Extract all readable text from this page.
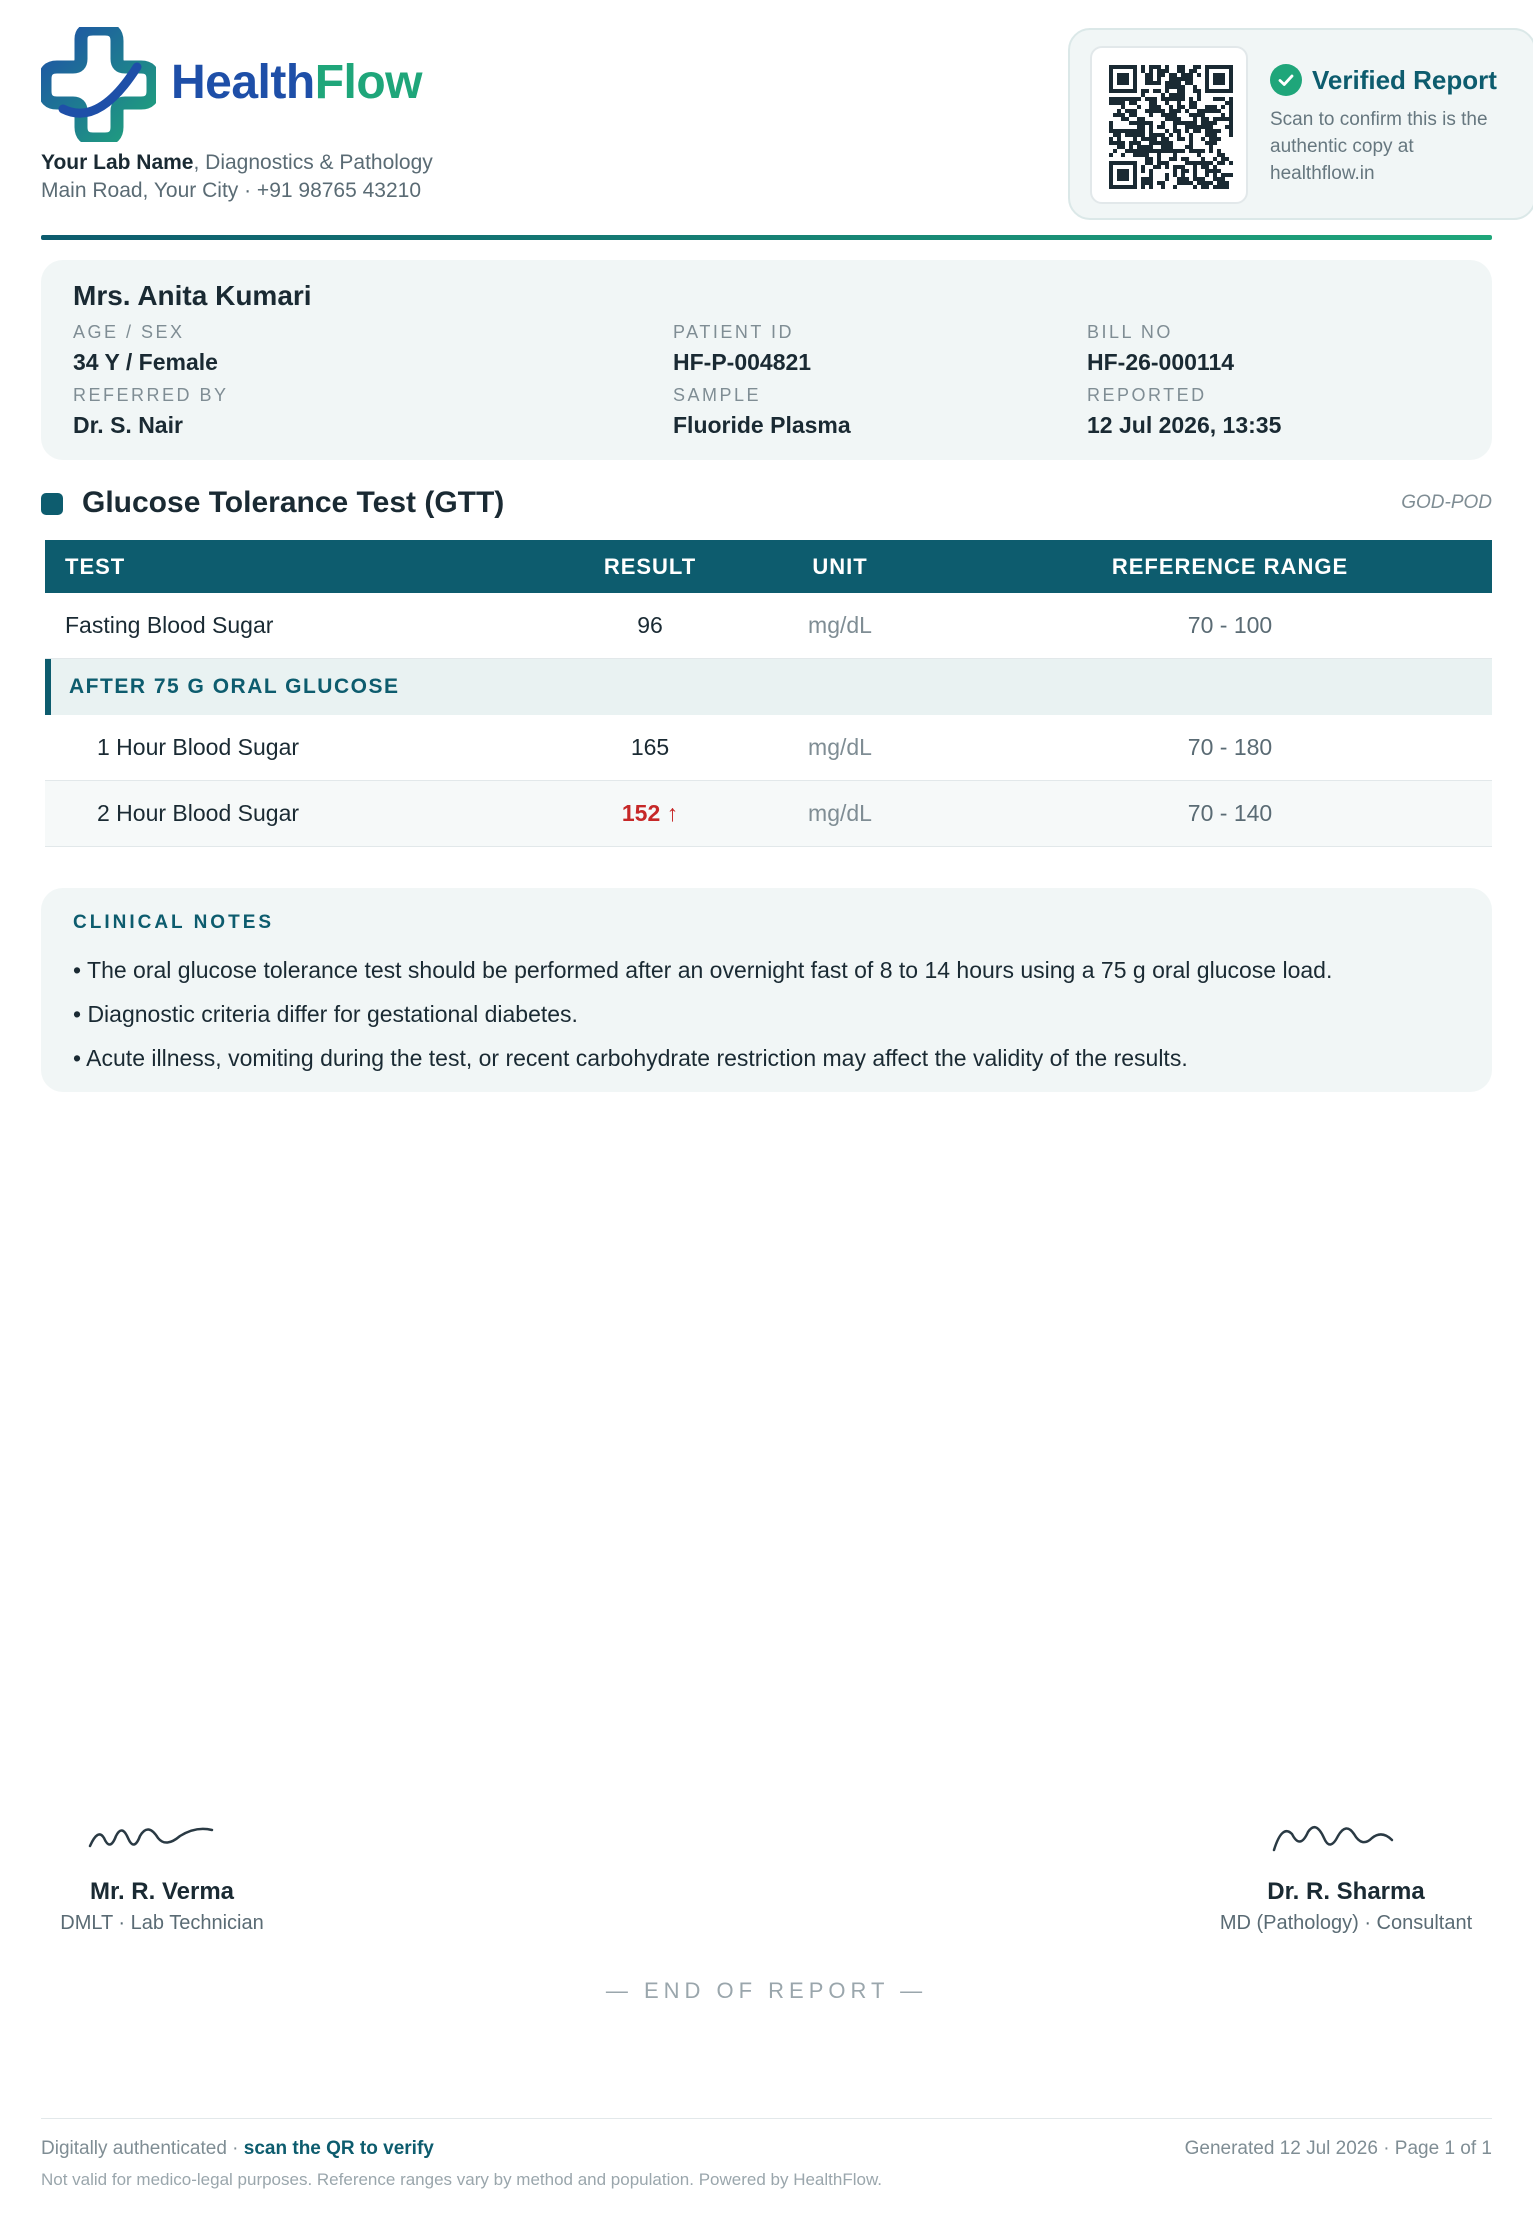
HealthFlow
Your Lab Name, Diagnostics & Pathology
Main Road, Your City · +91 98765 43210
Verified Report
Scan to confirm this is the authentic copy at healthflow.in
Mrs. Anita Kumari
AGE / SEX
34 Y / Female
PATIENT ID
HF-P-004821
BILL NO
HF-26-000114
REFERRED BY
Dr. S. Nair
SAMPLE
Fluoride Plasma
REPORTED
12 Jul 2026, 13:35
Glucose Tolerance Test (GTT)	GOD-POD
TEST	RESULT	UNIT	REFERENCE RANGE
Fasting Blood Sugar	96	mg/dL	70 - 100
AFTER 75 G ORAL GLUCOSE
1 Hour Blood Sugar	165	mg/dL	70 - 180
2 Hour Blood Sugar	152 ↑	mg/dL	70 - 140
CLINICAL NOTES
• The oral glucose tolerance test should be performed after an overnight fast of 8 to 14 hours using a 75 g oral glucose load.
• Diagnostic criteria differ for gestational diabetes.
• Acute illness, vomiting during the test, or recent carbohydrate restriction may affect the validity of the results.
Mr. R. Verma
DMLT · Lab Technician
Dr. R. Sharma
MD (Pathology) · Consultant
— END OF REPORT —
Digitally authenticated · scan the QR to verify
Not valid for medico-legal purposes. Reference ranges vary by method and population. Powered by HealthFlow.
Generated 12 Jul 2026 · Page 1 of 1
